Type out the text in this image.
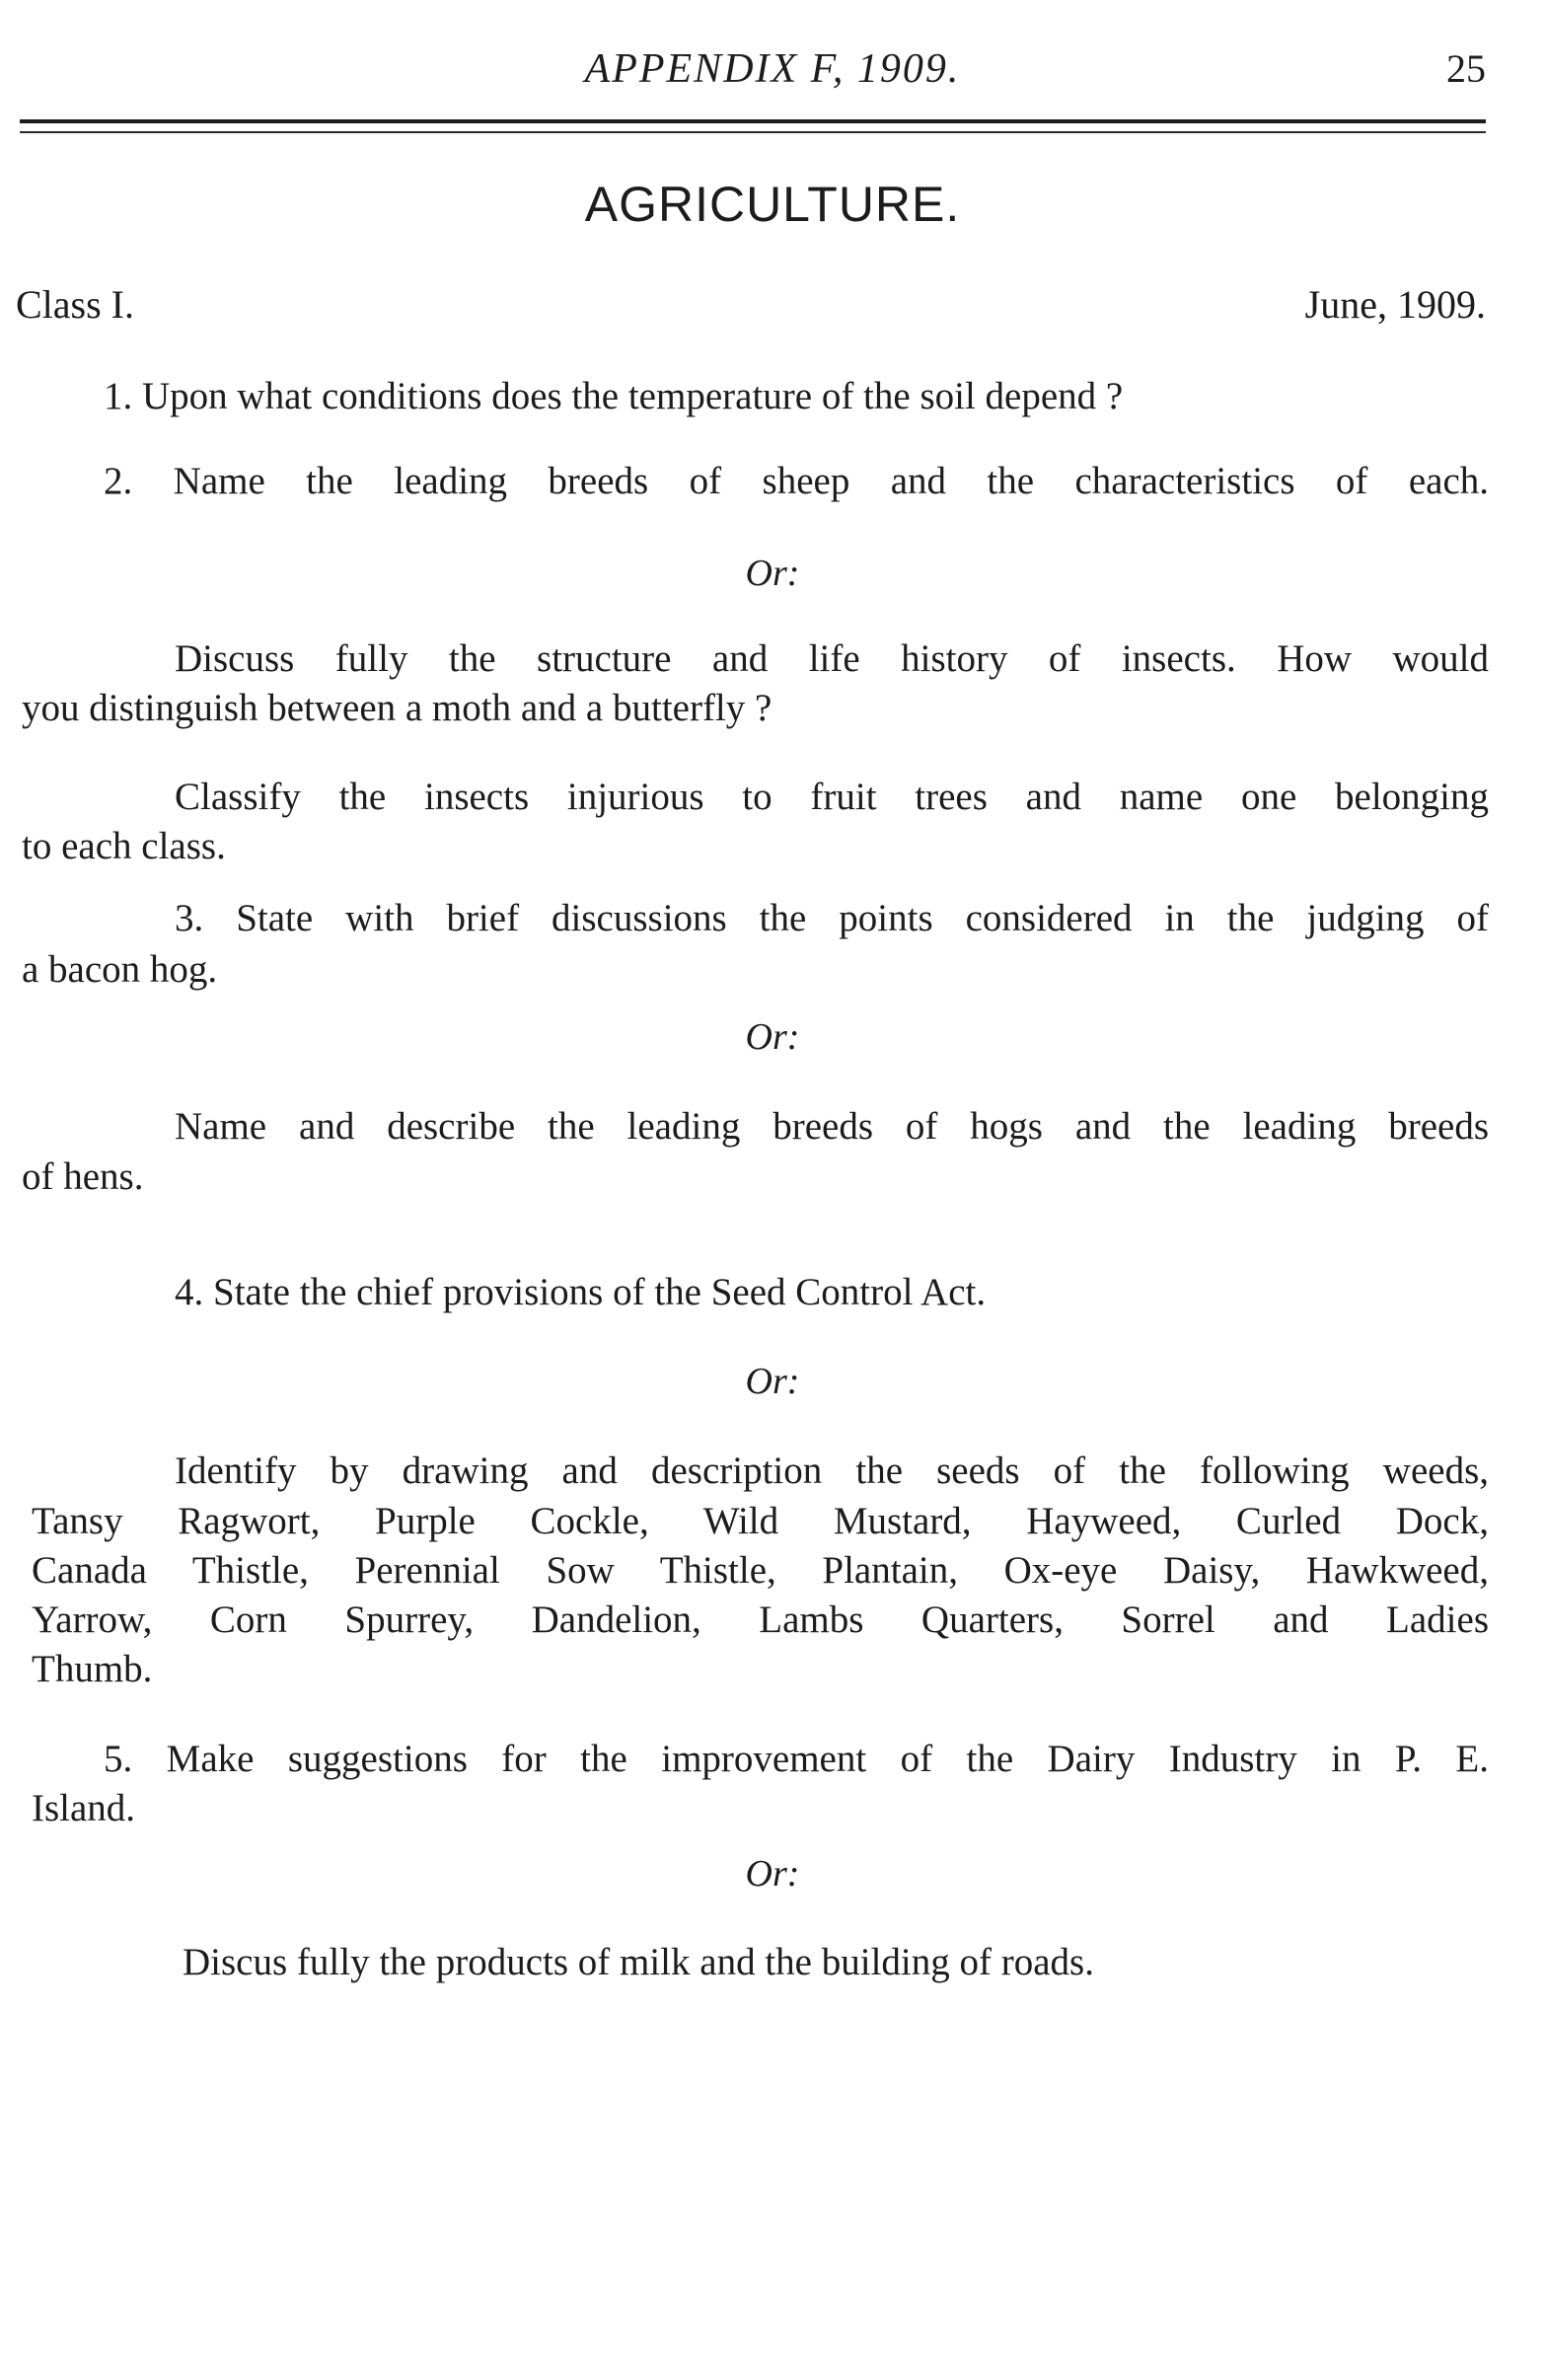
APPENDIX F, 1909.	25
AGRICULTURE.
Class I.	June, 1909.
1. Upon what conditions does the temperature of the soil depend ?
2. Name the leading breeds of sheep and the characteristics of each.
Or:
Discuss fully the structure and life history of insects. How would
you distinguish between a moth and a butterfly ?
Classify the insects injurious to fruit trees and name one belonging
to each class.
3. State with brief discussions the points considered in the judging of
a bacon hog.
Or:
Name and describe the leading breeds of hogs and the leading breeds
of hens.
4. State the chief provisions of the Seed Control Act.
Or:
Identify by drawing and description the seeds of the following weeds,
Tansy Ragwort, Purple Cockle, Wild Mustard, Hayweed, Curled Dock,
Canada Thistle, Perennial Sow Thistle, Plantain, Ox-eye Daisy, Hawkweed,
Yarrow, Corn Spurrey, Dandelion, Lambs Quarters, Sorrel and Ladies
Thumb.
5. Make suggestions for the improvement of the Dairy Industry in P. E.
Island.
Or:
Discus fully the products of milk and the building of roads.
